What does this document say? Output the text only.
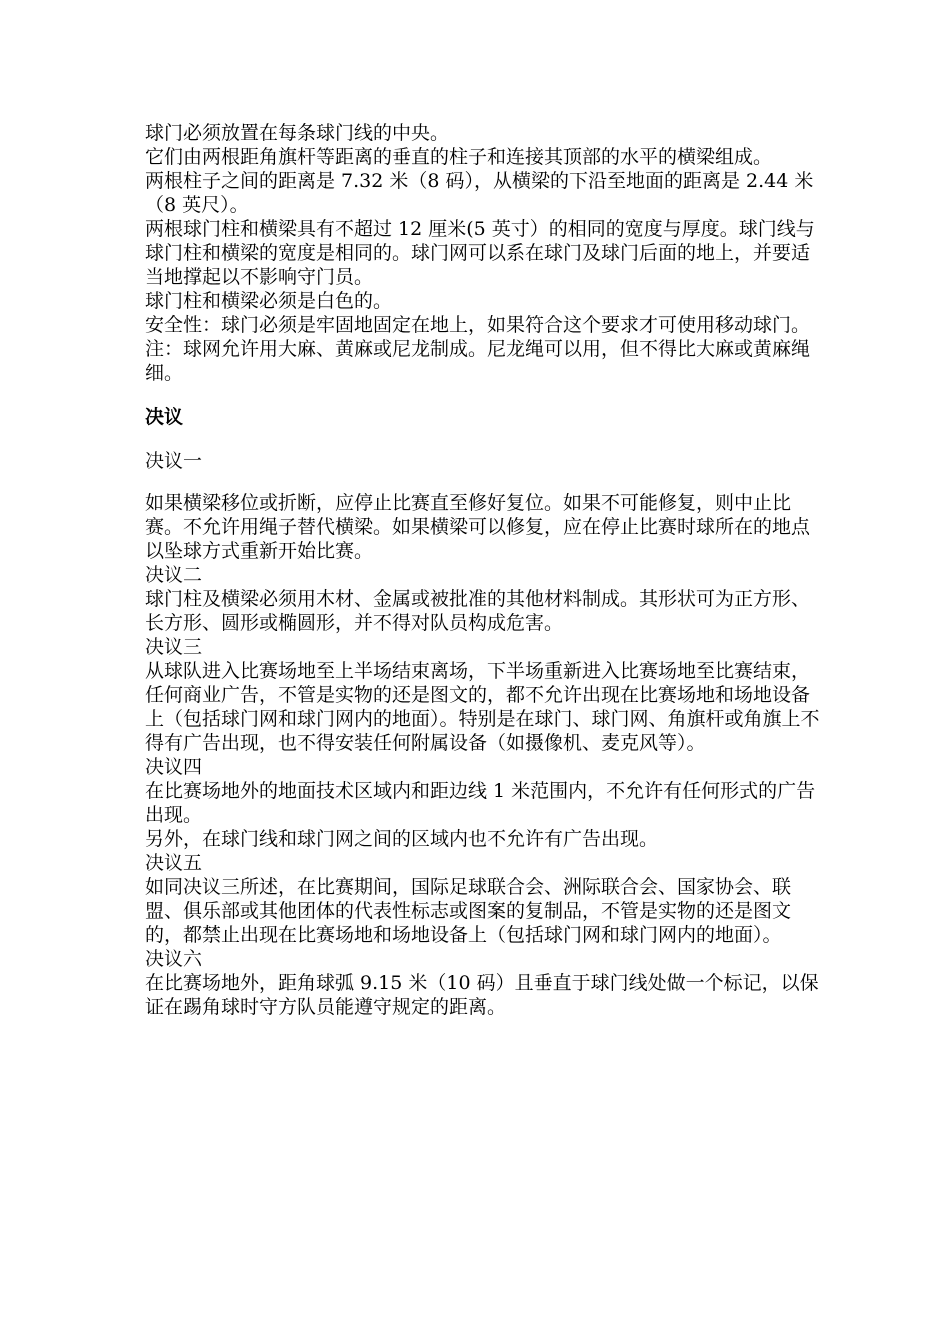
球门必须放置在每条球门线的中央。

它们由两根距角旗杆等距离的垂直的柱子和连接其顶部的水平的横梁组成。

两根柱子之间的距离是 7.32 米（8 码），从横梁的下沿至地面的距离是 2.44 米（8 英尺）。

两根球门柱和横梁具有不超过 12 厘米(5 英寸）的相同的宽度与厚度。球门线与球门柱和横梁的宽度是相同的。球门网可以系在球门及球门后面的地上，并要适当地撑起以不影响守门员。

球门柱和横梁必须是白色的。

安全性：球门必须是牢固地固定在地上，如果符合这个要求才可使用移动球门。

注：球网允许用大麻、黄麻或尼龙制成。尼龙绳可以用，但不得比大麻或黄麻绳细。

决议

决议一

如果横梁移位或折断，应停止比赛直至修好复位。如果不可能修复，则中止比赛。不允许用绳子替代横梁。如果横梁可以修复，应在停止比赛时球所在的地点以坠球方式重新开始比赛。

决议二

球门柱及横梁必须用木材、金属或被批准的其他材料制成。其形状可为正方形、长方形、圆形或椭圆形，并不得对队员构成危害。

决议三

从球队进入比赛场地至上半场结束离场，下半场重新进入比赛场地至比赛结束，任何商业广告，不管是实物的还是图文的，都不允许出现在比赛场地和场地设备上（包括球门网和球门网内的地面）。特别是在球门、球门网、角旗杆或角旗上不得有广告出现，也不得安装任何附属设备（如摄像机、麦克风等）。

决议四

在比赛场地外的地面技术区域内和距边线 1 米范围内，不允许有任何形式的广告出现。

另外，在球门线和球门网之间的区域内也不允许有广告出现。

决议五

如同决议三所述，在比赛期间，国际足球联合会、洲际联合会、国家协会、联盟、俱乐部或其他团体的代表性标志或图案的复制品，不管是实物的还是图文的，都禁止出现在比赛场地和场地设备上（包括球门网和球门网内的地面）。

决议六

在比赛场地外，距角球弧 9.15 米（10 码）且垂直于球门线处做一个标记，以保证在踢角球时守方队员能遵守规定的距离。
